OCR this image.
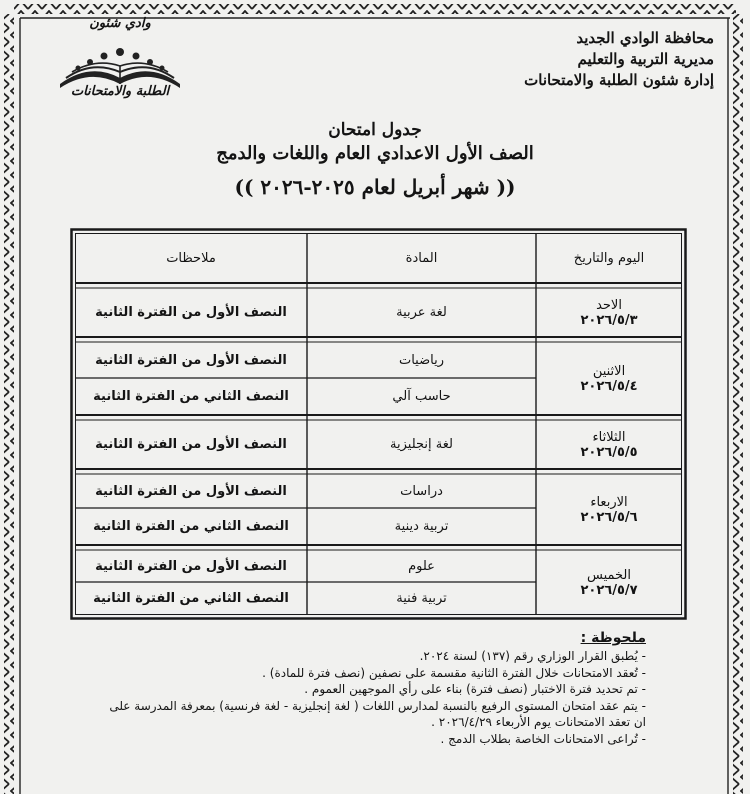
محافظة الوادي الجديد
مديرية التربية والتعليم
إدارة شئون الطلبة والامتحانات
وادي شئون
الطلبة والامتحانات
جدول امتحان
الصف الأول الاعدادي العام واللغات والدمج
(( شهر أبريل لعام ٢٠٢٥-٢٠٢٦ ))
اليوم والتاريخ
المادة
ملاحظات
الاحد
٢٠٢٦/٥/٣
لغة عربية
النصف الأول من الفترة الثانية
الاثنين
٢٠٢٦/٥/٤
رياضيات
النصف الأول من الفترة الثانية
حاسب آلي
النصف الثاني من الفترة الثانية
الثلاثاء
٢٠٢٦/٥/٥
لغة إنجليزية
النصف الأول من الفترة الثانية
الاربعاء
٢٠٢٦/٥/٦
دراسات
النصف الأول من الفترة الثانية
تربية دينية
النصف الثاني من الفترة الثانية
الخميس
٢٠٢٦/٥/٧
علوم
النصف الأول من الفترة الثانية
تربية فنية
النصف الثاني من الفترة الثانية
ملحوظة :
- يُطبق القرار الوزاري رقم (١٣٧) لسنة ٢٠٢٤.
- تُعقد الامتحانات خلال الفترة الثانية مقسمة على نصفين (نصف فترة للمادة) .
- تم تحديد فترة الاختبار (نصف فترة) بناء على رأي الموجهين العموم .
- يتم عقد امتحان المستوى الرفيع بالنسبة لمدارس اللغات ( لغة إنجليزية - لغة فرنسية) بمعرفة المدرسة على
ان تعقد الامتحانات يوم الأربعاء ٢٠٢٦/٤/٢٩ .
- تُراعى الامتحانات الخاصة بطلاب الدمج .
